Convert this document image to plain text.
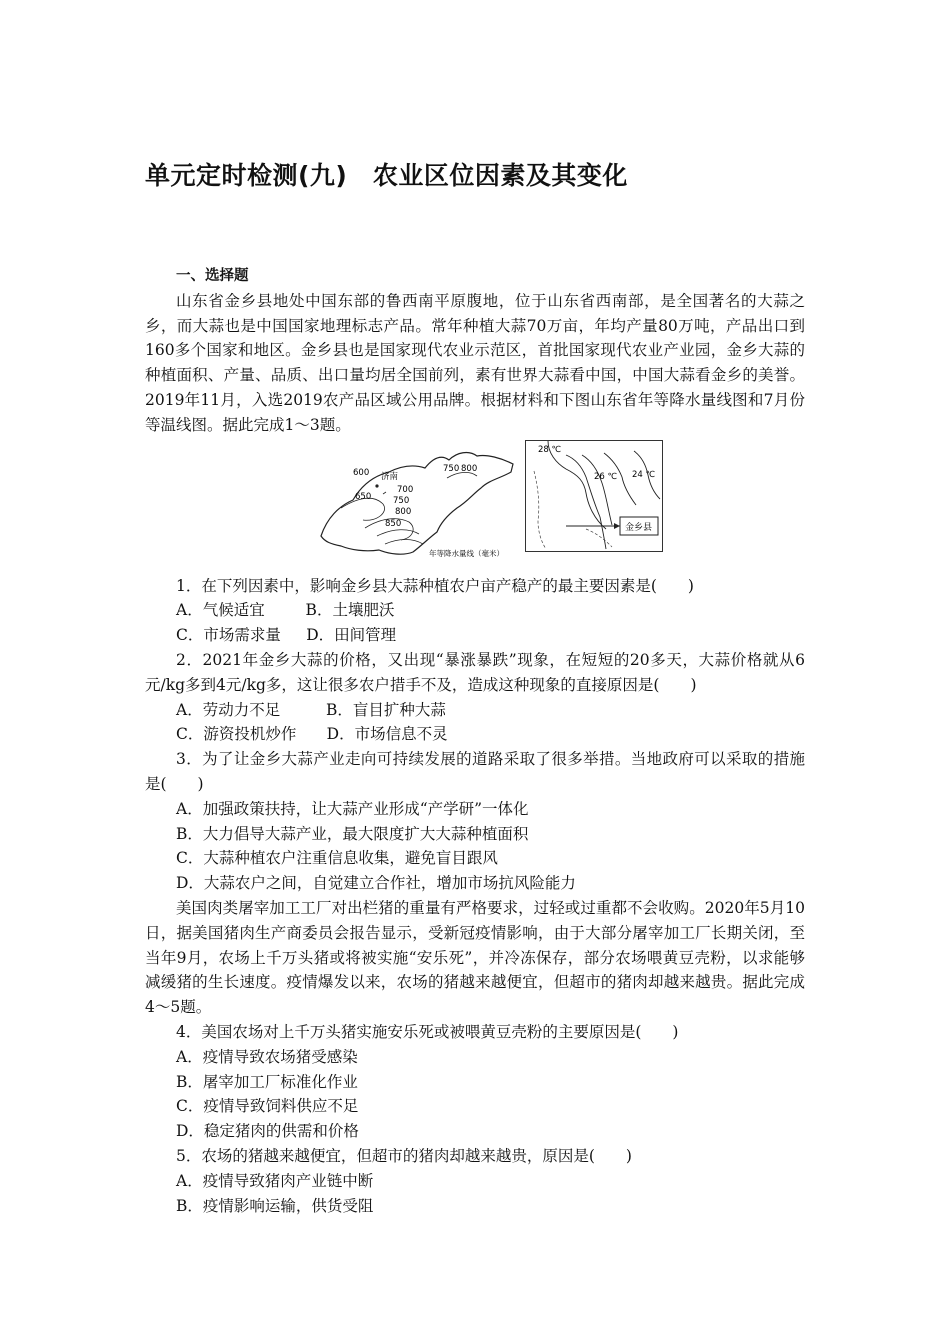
单元定时检测(九)　农业区位因素及其变化

一、选择题

山东省金乡县地处中国东部的鲁西南平原腹地，位于山东省西南部，是全国著名的大蒜之乡，而大蒜也是中国国家地理标志产品。常年种植大蒜70万亩，年均产量80万吨，产品出口到160多个国家和地区。金乡县也是国家现代农业示范区，首批国家现代农业产业园，金乡大蒜的种植面积、产量、品质、出口量均居全国前列，素有世界大蒜看中国，中国大蒜看金乡的美誉。2019年11月，入选2019农产品区域公用品牌。根据材料和下图山东省年等降水量线图和7月份等温线图。据此完成1～3题。

600 济南
650
700
750
800
850
750 800
年等降水量线（毫米）
28 ℃
26 ℃ 24 ℃
金乡县

1．在下列因素中，影响金乡县大蒜种植农户亩产稳产的最主要因素是(　　)

A．气候适宜　　  B．土壤肥沃

C．市场需求量　  D．田间管理

2．2021年金乡大蒜的价格，又出现“暴涨暴跌”现象，在短短的20多天，大蒜价格就从6元/kg多到4元/kg多，这让很多农户措手不及，造成这种现象的直接原因是(　　)

A．劳动力不足　　   B．盲目扩种大蒜

C．游资投机炒作　   D．市场信息不灵

3．为了让金乡大蒜产业走向可持续发展的道路采取了很多举措。当地政府可以采取的措施是(　　)

A．加强政策扶持，让大蒜产业形成“产学研”一体化

B．大力倡导大蒜产业，最大限度扩大大蒜种植面积

C．大蒜种植农户注重信息收集，避免盲目跟风

D．大蒜农户之间，自觉建立合作社，增加市场抗风险能力

美国肉类屠宰加工工厂对出栏猪的重量有严格要求，过轻或过重都不会收购。2020年5月10日，据美国猪肉生产商委员会报告显示，受新冠疫情影响，由于大部分屠宰加工厂长期关闭，至当年9月，农场上千万头猪或将被实施“安乐死”，并冷冻保存，部分农场喂黄豆壳粉，以求能够减缓猪的生长速度。疫情爆发以来，农场的猪越来越便宜，但超市的猪肉却越来越贵。据此完成4～5题。

4．美国农场对上千万头猪实施安乐死或被喂黄豆壳粉的主要原因是(　　)

A．疫情导致农场猪受感染

B．屠宰加工厂标准化作业

C．疫情导致饲料供应不足

D．稳定猪肉的供需和价格

5．农场的猪越来越便宜，但超市的猪肉却越来越贵，原因是(　　)

A．疫情导致猪肉产业链中断

B．疫情影响运输，供货受阻
